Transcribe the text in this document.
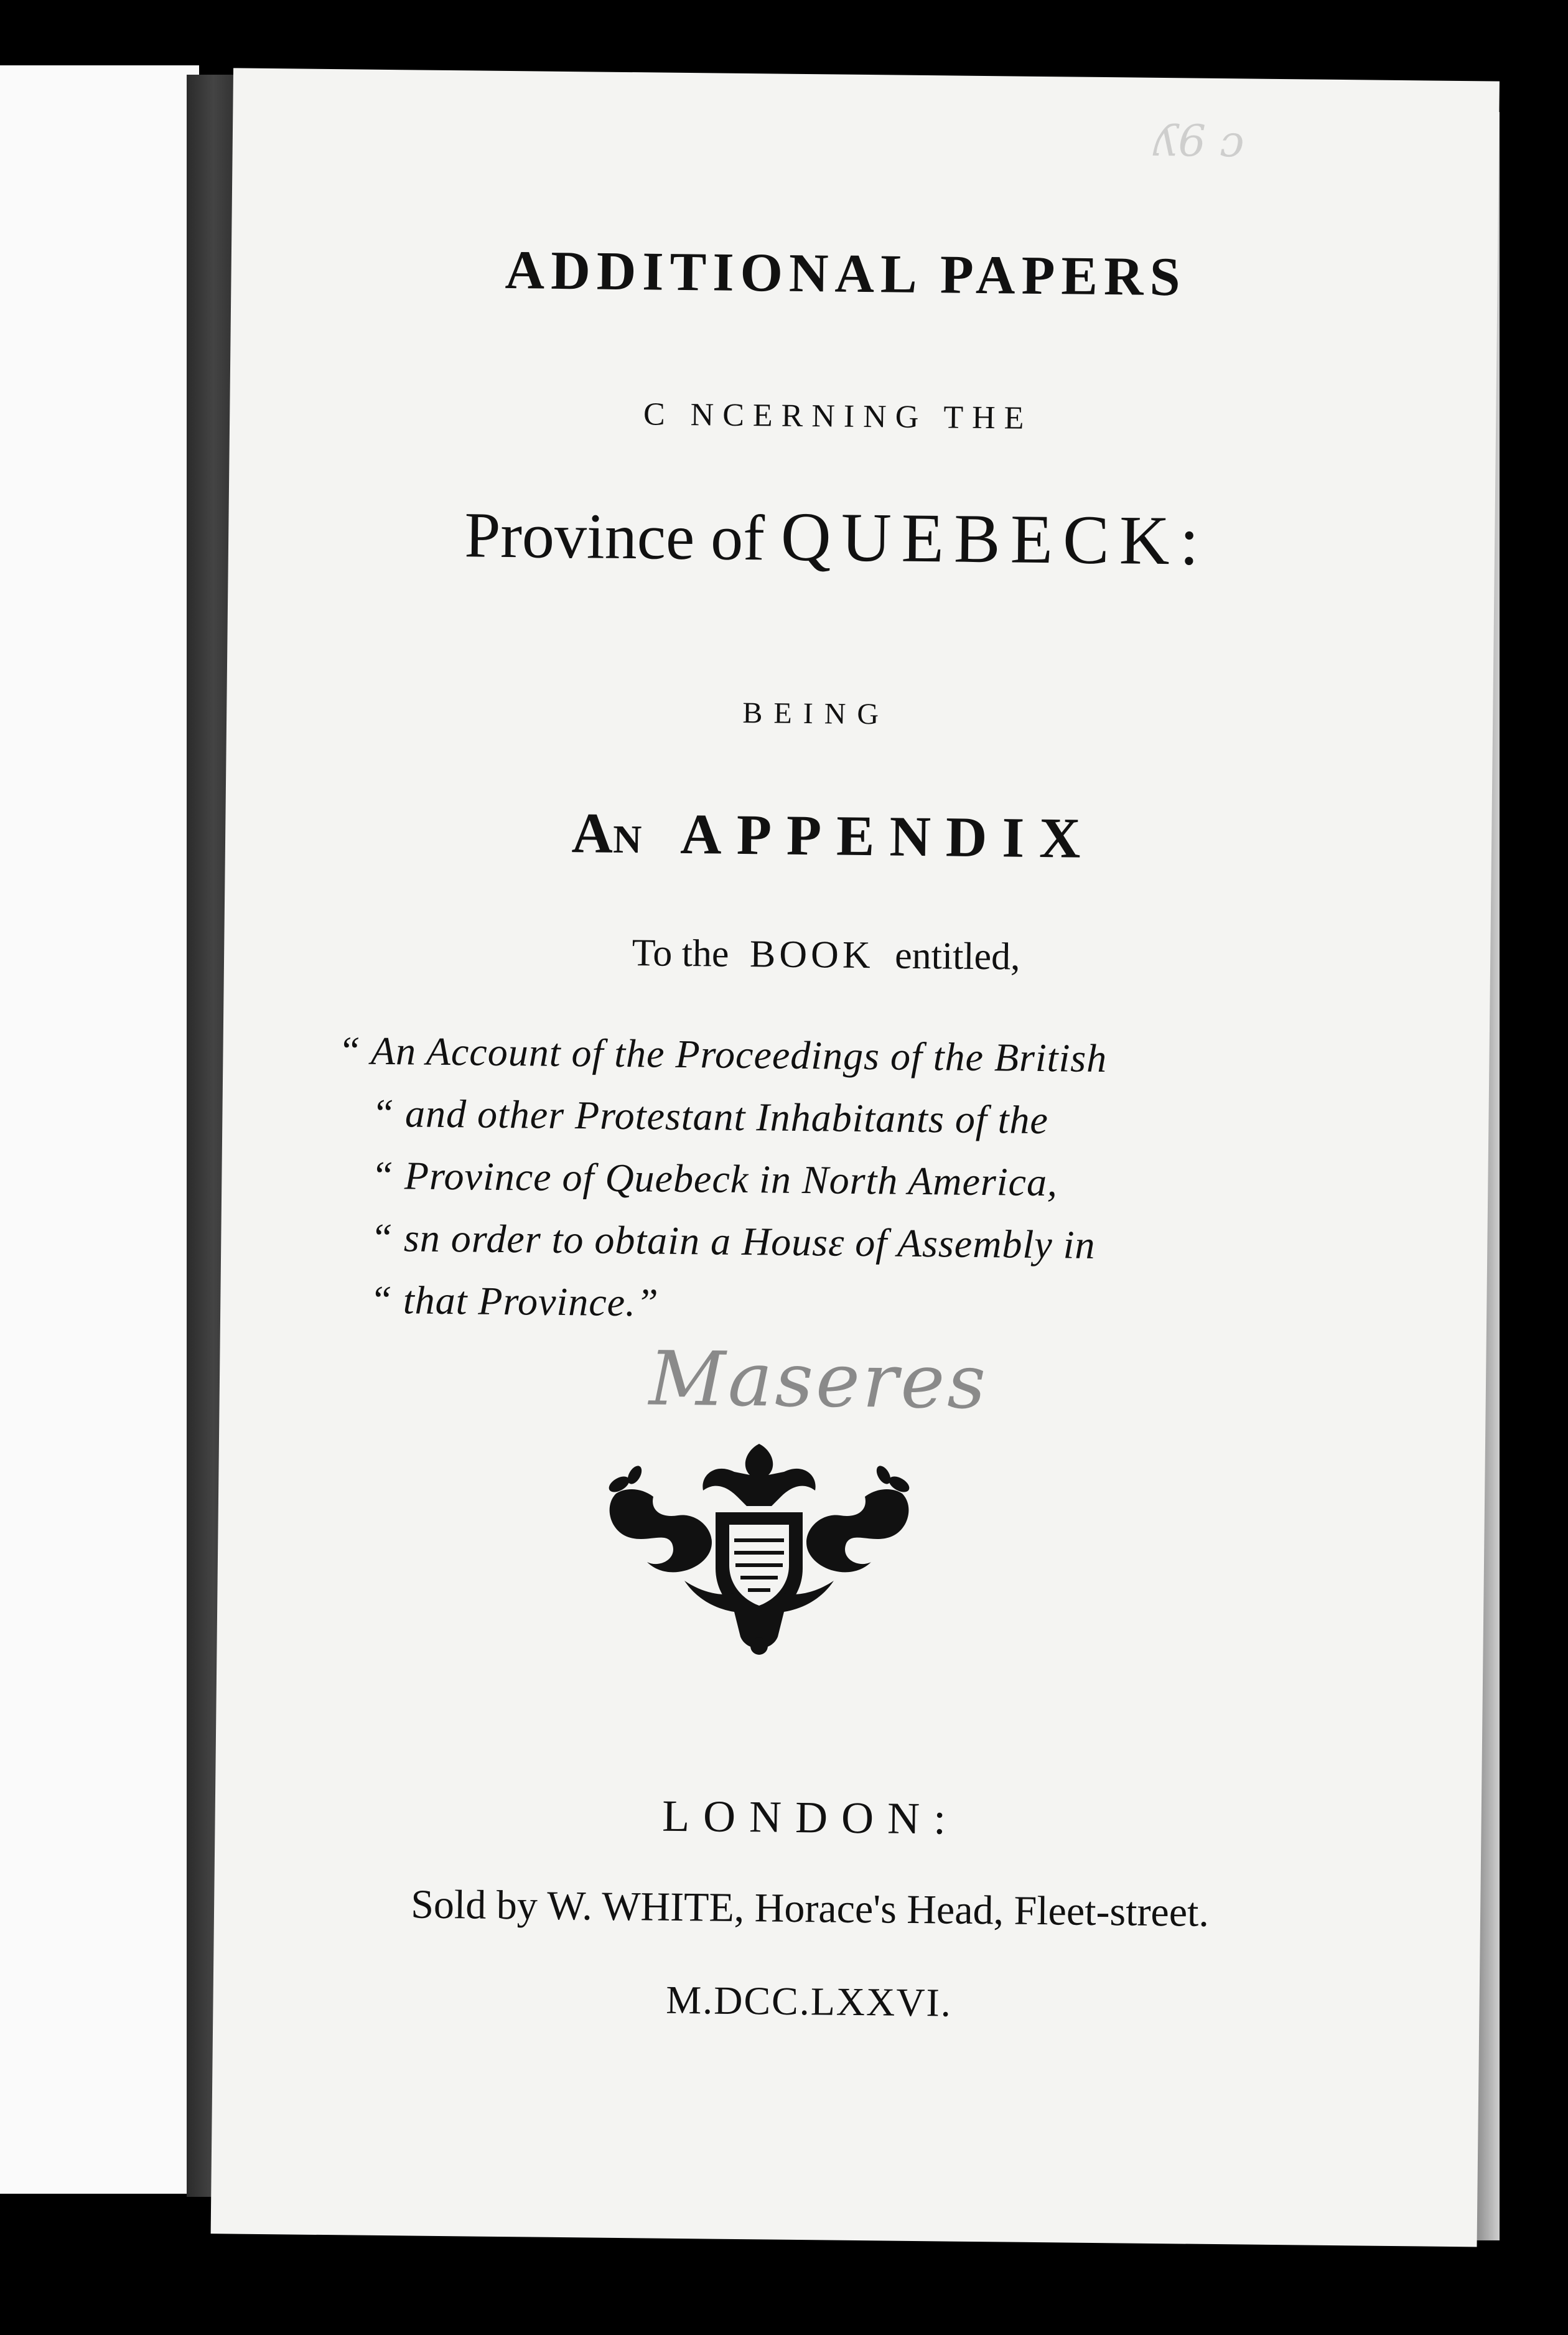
ʎ6 ɔ
ADDITIONAL PAPERS
C NCERNING THE
Province of QUEBECK:
BEING
AN APPENDIX
To the BOOK entitled,
“ An Account of the Proceedings of the British
“ and other Protestant Inhabitants of the
“ Province of Quebeck in North America,
“ sn order to obtain a Housɛ of Assembly in
“ that Province.”
Maseres
LONDON:
Sold by W. WHITE, Horace's Head, Fleet-street.
M.DCC.LXXVI.
